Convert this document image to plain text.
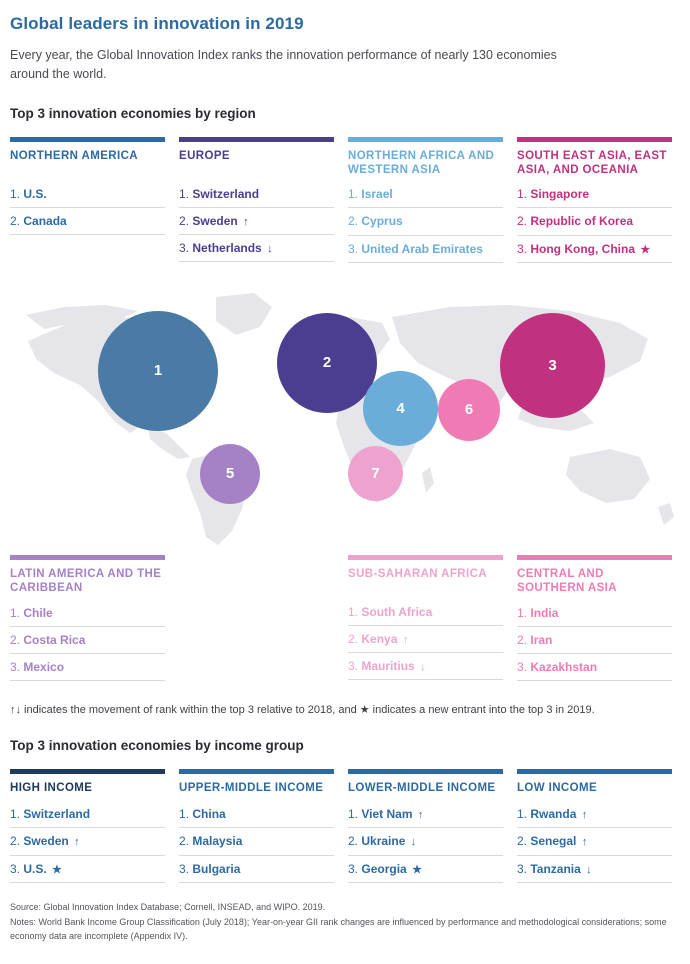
Global leaders in innovation in 2019

Every year, the Global Innovation Index ranks the innovation performance of nearly 130 economies around the world.

Top 3 innovation economies by region
NORTHERN AMERICA
1. U.S.
2. Canada
EUROPE
1. Switzerland
2. Sweden ↑
3. Netherlands ↓
NORTHERN AFRICA AND WESTERN ASIA
1. Israel
2. Cyprus
3. United Arab Emirates
SOUTH EAST ASIA, EAST ASIA, AND OCEANIA
1. Singapore
2. Republic of Korea
3. Hong Kong, China ★
1	2	3
4	6
5	7
LATIN AMERICA AND THE CARIBBEAN
1. Chile
2. Costa Rica
3. Mexico
SUB-SAHARAN AFRICA
1. South Africa
2. Kenya ↑
3. Mauritius ↓
CENTRAL AND SOUTHERN ASIA
1. India
2. Iran
3. Kazakhstan
↑↓ indicates the movement of rank within the top 3 relative to 2018, and ★ indicates a new entrant into the top 3 in 2019.
Top 3 innovation economies by income group
HIGH INCOME
1. Switzerland
2. Sweden ↑
3. U.S. ★
UPPER-MIDDLE INCOME
1. China
2. Malaysia
3. Bulgaria
LOWER-MIDDLE INCOME
1. Viet Nam ↑
2. Ukraine ↓
3. Georgia ★
LOW INCOME
1. Rwanda ↑
2. Senegal ↑
3. Tanzania ↓
Source: Global Innovation Index Database; Cornell, INSEAD, and WIPO. 2019.
Notes: World Bank Income Group Classification (July 2018); Year-on-year GII rank changes are influenced by performance and methodological considerations; some economy data are incomplete (Appendix IV).
